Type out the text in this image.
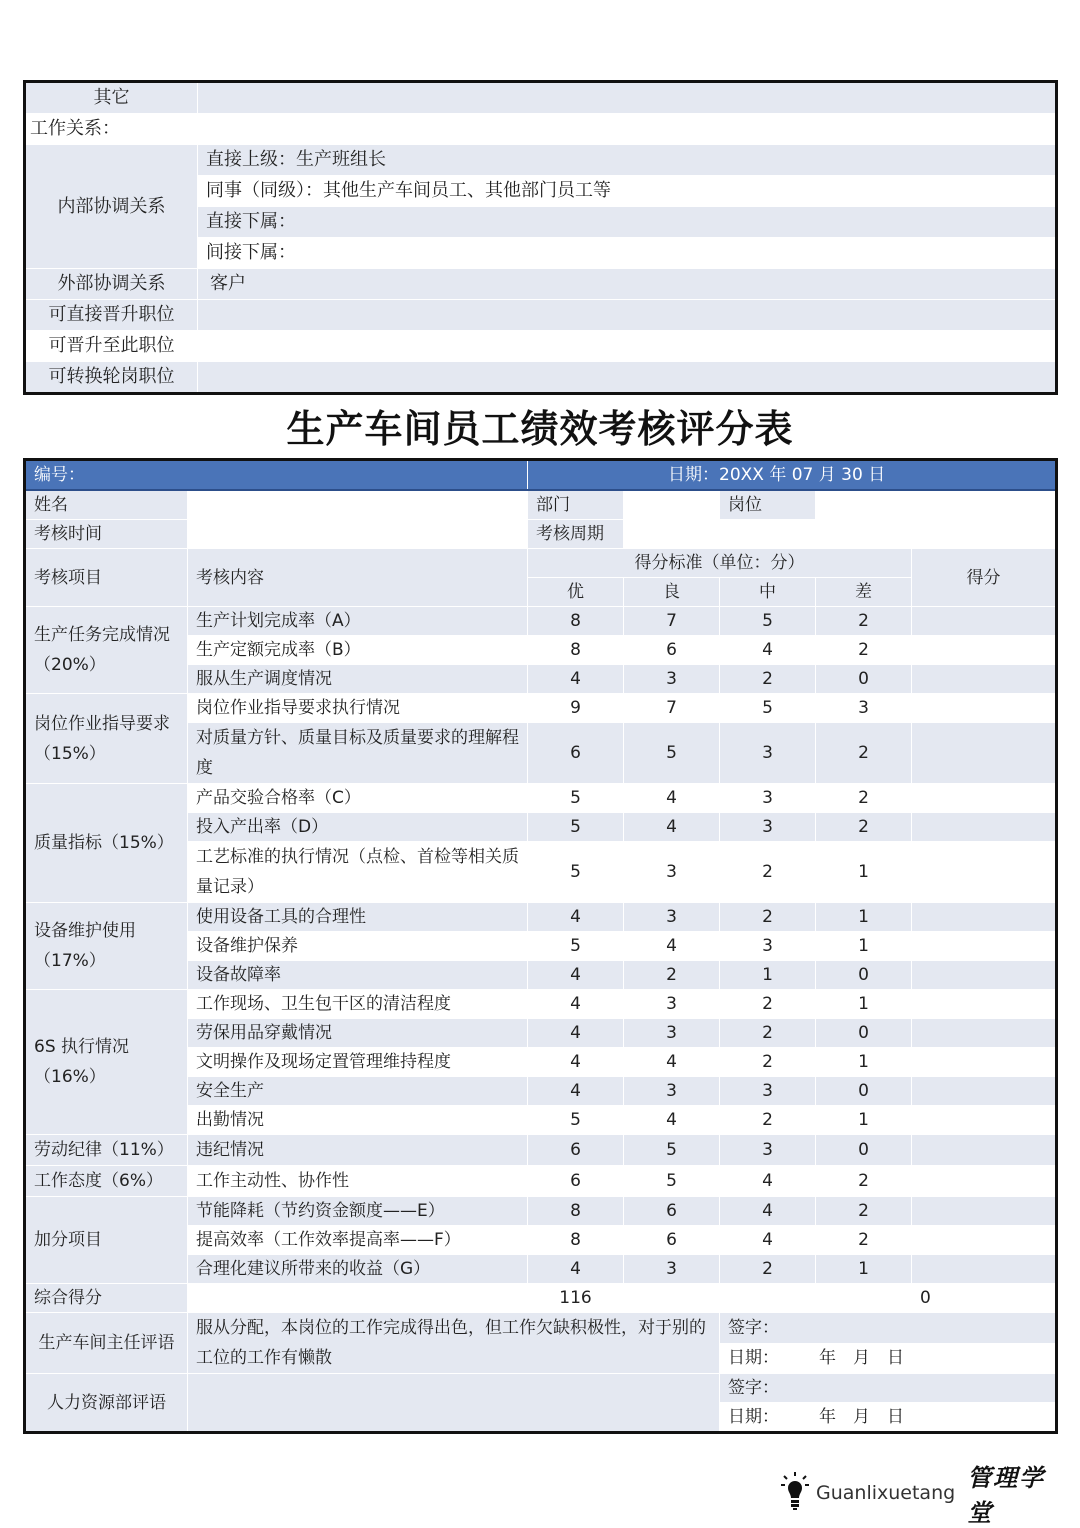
其它	
工作关系：	
内部协调关系	直接上级：生产班组长
	同事（同级）：其他生产车间员工、其他部门员工等
	直接下属：
	间接下属：
外部协调关系	客户
可直接晋升职位	
可晋升至此职位	
可转换轮岗职位	
生产车间员工绩效考核评分表
编号：		日期：20XX 年 07 月 30 日				
姓名		部门		岗位		
考核时间		考核周期				
考核项目	考核内容	得分标准（单位：分）				得分
		优	良	中	差	
生产任务完成情况（20%）	生产计划完成率（A）	8	7	5	2	
	生产定额完成率（B）	8	6	4	2	
	服从生产调度情况	4	3	2	0	
岗位作业指导要求（15%）	岗位作业指导要求执行情况	9	7	5	3	
	对质量方针、质量目标及质量要求的理解程度	6	5	3	2	
质量指标（15%）	产品交验合格率（C）	5	4	3	2	
	投入产出率（D）	5	4	3	2	
	工艺标准的执行情况（点检、首检等相关质量记录）	5	3	2	1	
设备维护使用（17%）	使用设备工具的合理性	4	3	2	1	
	设备维护保养	5	4	3	1	
	设备故障率	4	2	1	0	
6S 执行情况（16%）	工作现场、卫生包干区的清洁程度	4	3	2	1	
	劳保用品穿戴情况	4	3	2	0	
	文明操作及现场定置管理维持程度	4	4	2	1	
	安全生产	4	3	3	0	
	出勤情况	5	4	2	1	
劳动纪律（11%）	违纪情况	6	5	3	0	
工作态度（6%）	工作主动性、协作性	6	5	4	2	
加分项目	节能降耗（节约资金额度——E）	8	6	4	2	
	提高效率（工作效率提高率——F）	8	6	4	2	
	合理化建议所带来的收益（G）	4	3	2	1	
综合得分		116				0
生产车间主任评语	服从分配，本岗位的工作完成得出色，但工作欠缺积极性，对于别的工位的工作有懒散			签字：		
				日期： 年　月　日		
人力资源部评语				签字：		
				日期： 年　月　日		
Guanlixuetang
管理学堂
